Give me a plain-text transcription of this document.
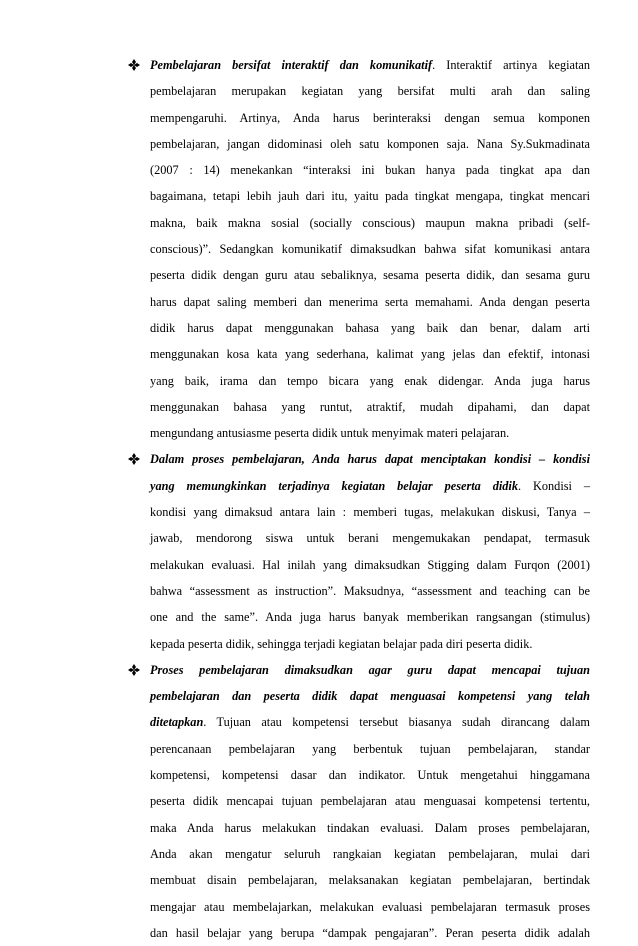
Pembelajaran bersifat interaktif dan komunikatif. Interaktif artinya kegiatan
pembelajaran merupakan kegiatan yang bersifat multi arah dan saling
mempengaruhi. Artinya, Anda harus berinteraksi dengan semua komponen
pembelajaran, jangan didominasi oleh satu komponen saja. Nana Sy.Sukmadinata
(2007 : 14) menekankan “interaksi ini bukan hanya pada tingkat apa dan
bagaimana, tetapi lebih jauh dari itu, yaitu pada tingkat mengapa, tingkat mencari
makna, baik makna sosial (socially conscious) maupun makna pribadi (self-
conscious)”. Sedangkan komunikatif dimaksudkan bahwa sifat komunikasi antara
peserta didik dengan guru atau sebaliknya, sesama peserta didik, dan sesama guru
harus dapat saling memberi dan menerima serta memahami. Anda dengan peserta
didik harus dapat menggunakan bahasa yang baik dan benar, dalam arti
menggunakan kosa kata yang sederhana, kalimat yang jelas dan efektif, intonasi
yang baik, irama dan tempo bicara yang enak didengar. Anda juga harus
menggunakan bahasa yang runtut, atraktif, mudah dipahami, dan dapat
mengundang antusiasme peserta didik untuk menyimak materi pelajaran.
Dalam proses pembelajaran, Anda harus dapat menciptakan kondisi – kondisi
yang memungkinkan terjadinya kegiatan belajar peserta didik. Kondisi –
kondisi yang dimaksud antara lain : memberi tugas, melakukan diskusi, Tanya –
jawab, mendorong siswa untuk berani mengemukakan pendapat, termasuk
melakukan evaluasi. Hal inilah yang dimaksudkan Stigging dalam Furqon (2001)
bahwa “assessment as instruction”. Maksudnya, “assessment and teaching can be
one and the same”. Anda juga harus banyak memberikan rangsangan (stimulus)
kepada peserta didik, sehingga terjadi kegiatan belajar pada diri peserta didik.
Proses pembelajaran dimaksudkan agar guru dapat mencapai tujuan
pembelajaran dan peserta didik dapat menguasai kompetensi yang telah
ditetapkan. Tujuan atau kompetensi tersebut biasanya sudah dirancang dalam
perencanaan pembelajaran yang berbentuk tujuan pembelajaran, standar
kompetensi, kompetensi dasar dan indikator. Untuk mengetahui hinggamana
peserta didik mencapai tujuan pembelajaran atau menguasai kompetensi tertentu,
maka Anda harus melakukan tindakan evaluasi. Dalam proses pembelajaran,
Anda akan mengatur seluruh rangkaian kegiatan pembelajaran, mulai dari
membuat disain pembelajaran, melaksanakan kegiatan pembelajaran, bertindak
mengajar atau membelajarkan, melakukan evaluasi pembelajaran termasuk proses
dan hasil belajar yang berupa “dampak pengajaran”. Peran peserta didik adalah
